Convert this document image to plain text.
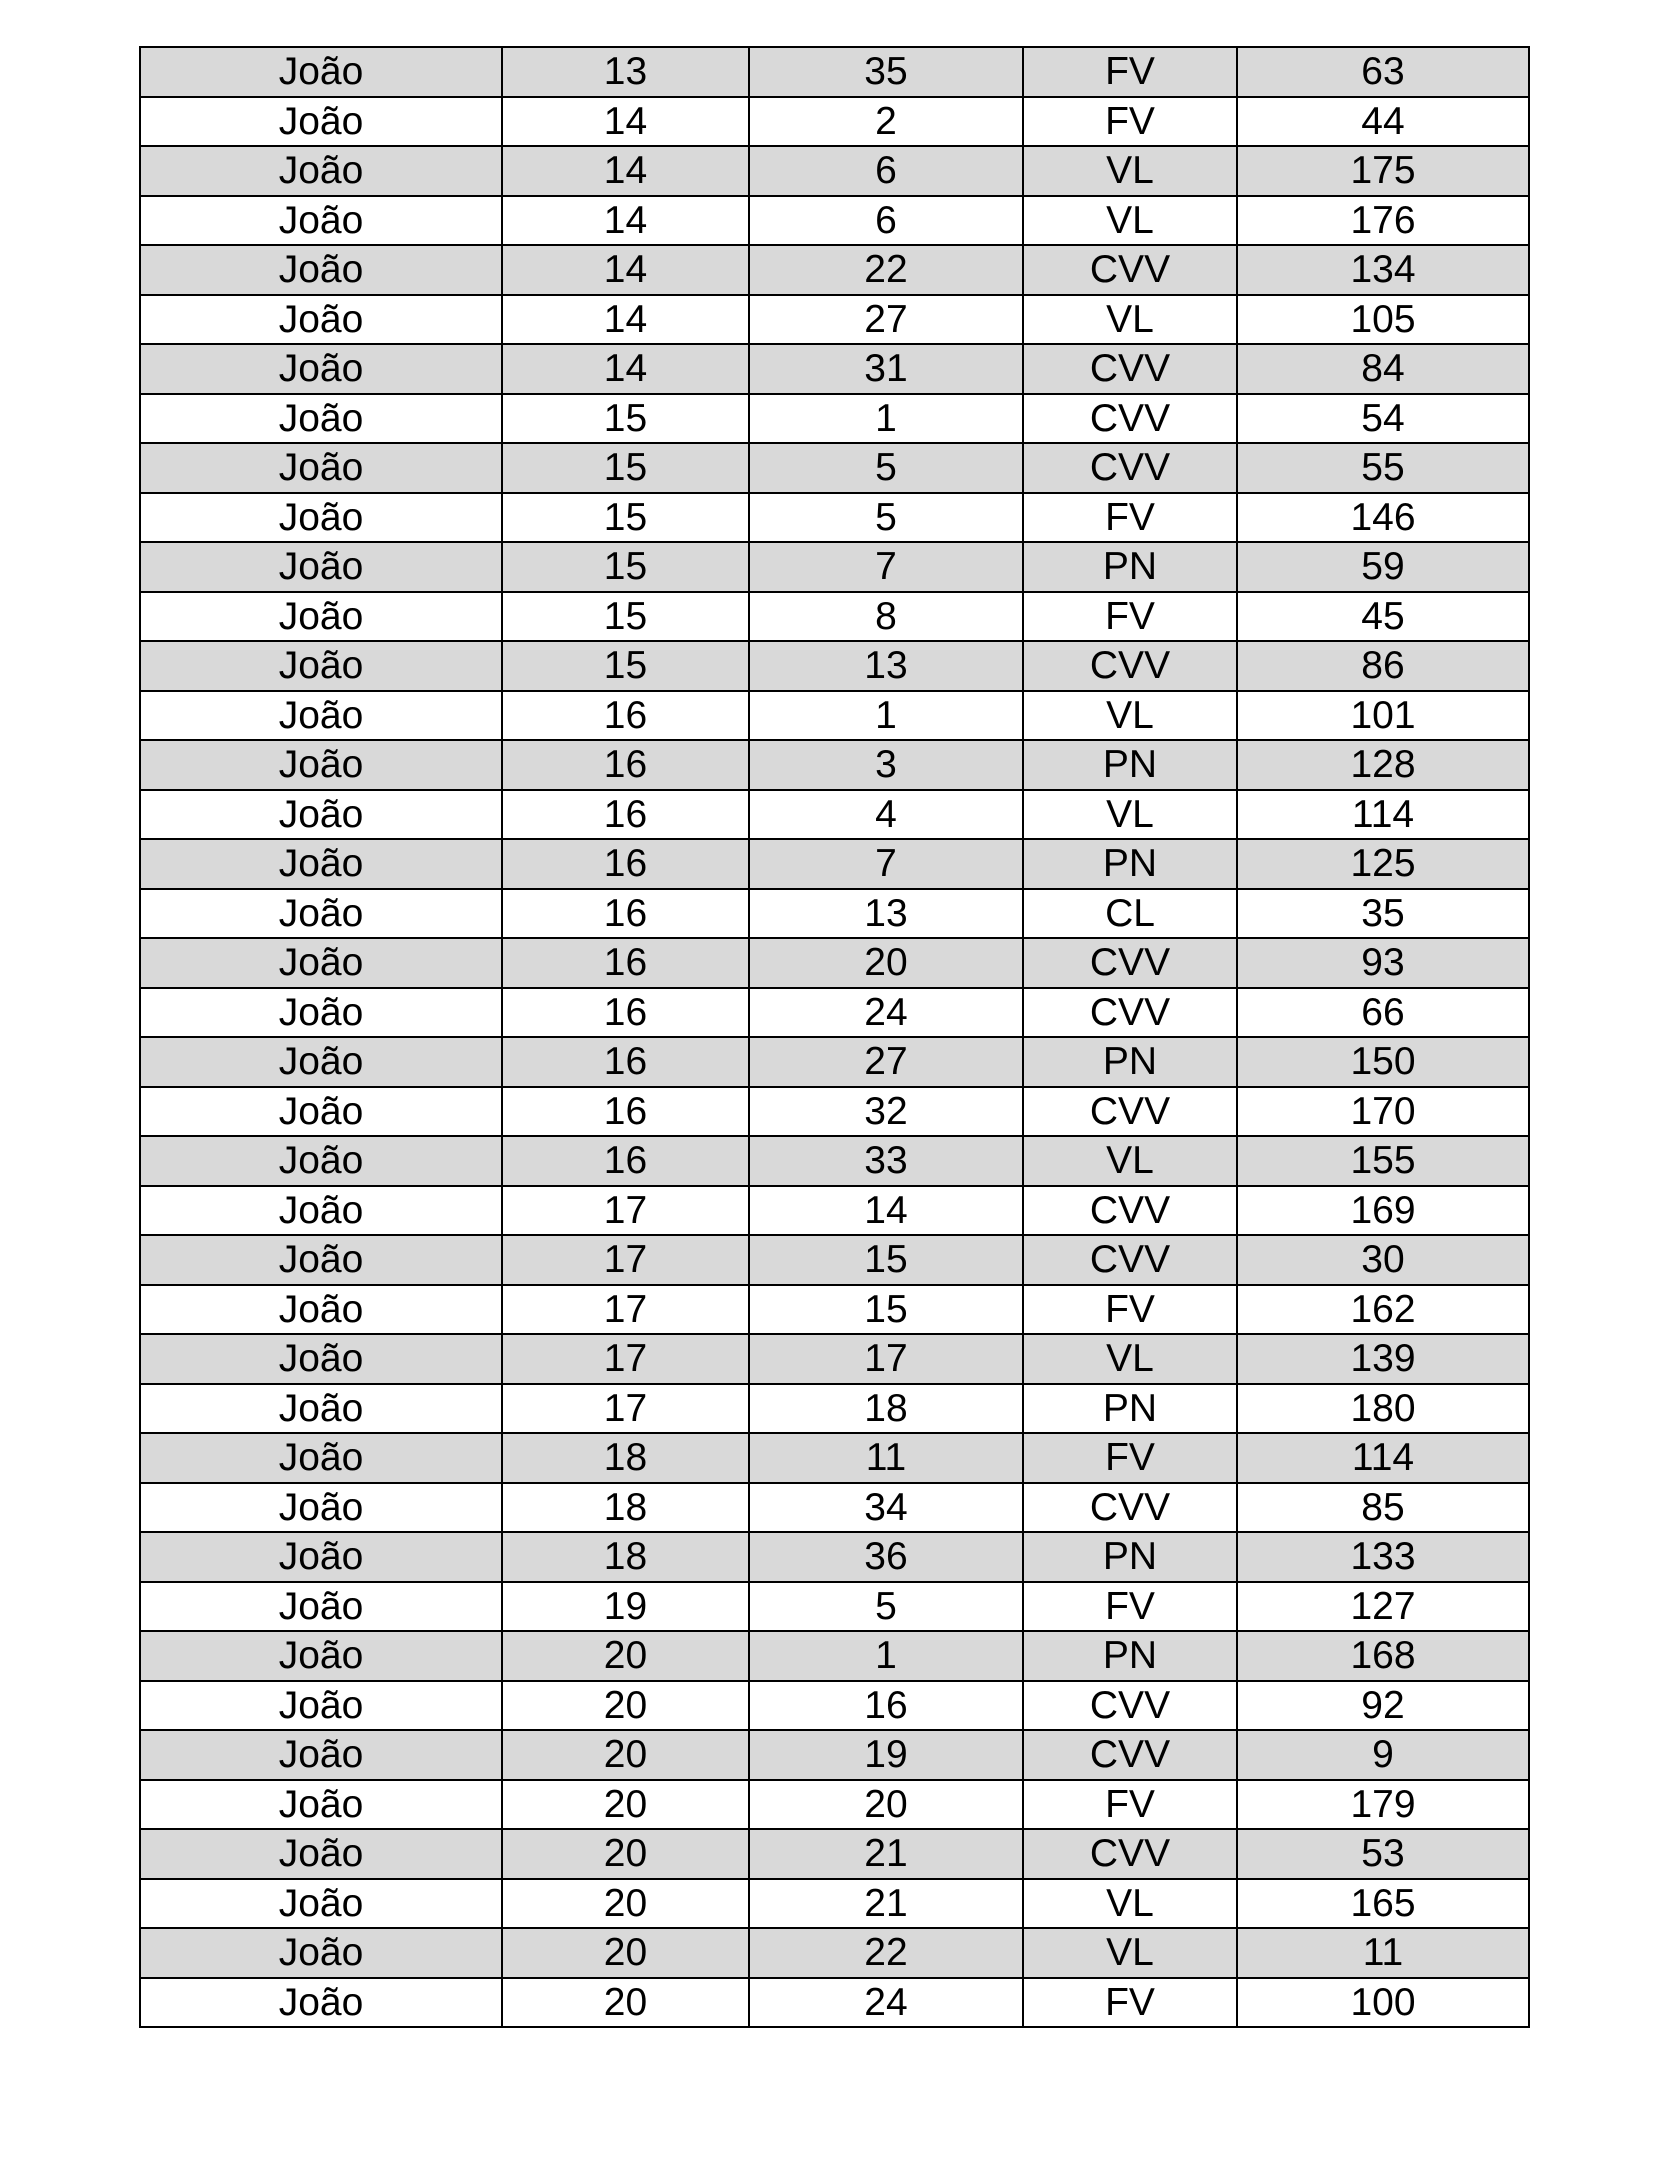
João	13	35	FV	63
João	14	2	FV	44
João	14	6	VL	175
João	14	6	VL	176
João	14	22	CVV	134
João	14	27	VL	105
João	14	31	CVV	84
João	15	1	CVV	54
João	15	5	CVV	55
João	15	5	FV	146
João	15	7	PN	59
João	15	8	FV	45
João	15	13	CVV	86
João	16	1	VL	101
João	16	3	PN	128
João	16	4	VL	114
João	16	7	PN	125
João	16	13	CL	35
João	16	20	CVV	93
João	16	24	CVV	66
João	16	27	PN	150
João	16	32	CVV	170
João	16	33	VL	155
João	17	14	CVV	169
João	17	15	CVV	30
João	17	15	FV	162
João	17	17	VL	139
João	17	18	PN	180
João	18	11	FV	114
João	18	34	CVV	85
João	18	36	PN	133
João	19	5	FV	127
João	20	1	PN	168
João	20	16	CVV	92
João	20	19	CVV	9
João	20	20	FV	179
João	20	21	CVV	53
João	20	21	VL	165
João	20	22	VL	11
João	20	24	FV	100
